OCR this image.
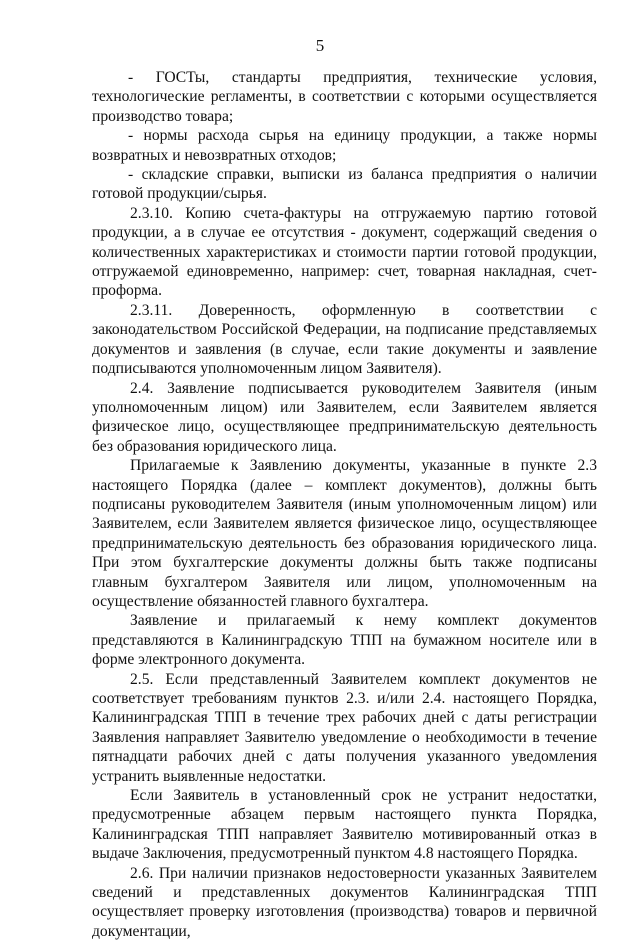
5

- ГОСТы, стандарты предприятия, технические условия, технологические регламенты, в соответствии с которыми осуществляется производство товара;

- нормы расхода сырья на единицу продукции, а также нормы возвратных и невозвратных отходов;

- складские справки, выписки из баланса предприятия о наличии готовой продукции/сырья.

2.3.10. Копию счета-фактуры на отгружаемую партию готовой продукции, а в случае ее отсутствия - документ, содержащий сведения о количественных характеристиках и стоимости партии готовой продукции, отгружаемой единовременно, например: счет, товарная накладная, счет-проформа.

2.3.11. Доверенность, оформленную в соответствии с законодательством Российской Федерации, на подписание представляемых документов и заявления (в случае, если такие документы и заявление подписываются уполномоченным лицом Заявителя).

2.4. Заявление подписывается руководителем Заявителя (иным уполномоченным лицом) или Заявителем, если Заявителем является физическое лицо, осуществляющее предпринимательскую деятельность без образования юридического лица.

Прилагаемые к Заявлению документы, указанные в пункте 2.3 настоящего Порядка (далее – комплект документов), должны быть подписаны руководителем Заявителя (иным уполномоченным лицом) или Заявителем, если Заявителем является физическое лицо, осуществляющее предпринимательскую деятельность без образования юридического лица. При этом бухгалтерские документы должны быть также подписаны главным бухгалтером Заявителя или лицом, уполномоченным на осуществление обязанностей главного бухгалтера.

Заявление и прилагаемый к нему комплект документов представляются в Калининградскую ТПП на бумажном носителе или в форме электронного документа.

2.5. Если представленный Заявителем комплект документов не соответствует требованиям пунктов 2.3. и/или 2.4. настоящего Порядка, Калининградская ТПП в течение трех рабочих дней с даты регистрации Заявления направляет Заявителю уведомление о необходимости в течение пятнадцати рабочих дней с даты получения указанного уведомления устранить выявленные недостатки.

Если Заявитель в установленный срок не устранит недостатки, предусмотренные абзацем первым настоящего пункта Порядка, Калининградская ТПП направляет Заявителю мотивированный отказ в выдаче Заключения, предусмотренный пунктом 4.8 настоящего Порядка.

2.6. При наличии признаков недостоверности указанных Заявителем сведений и представленных документов Калининградская ТПП осуществляет проверку изготовления (производства) товаров и первичной документации,
